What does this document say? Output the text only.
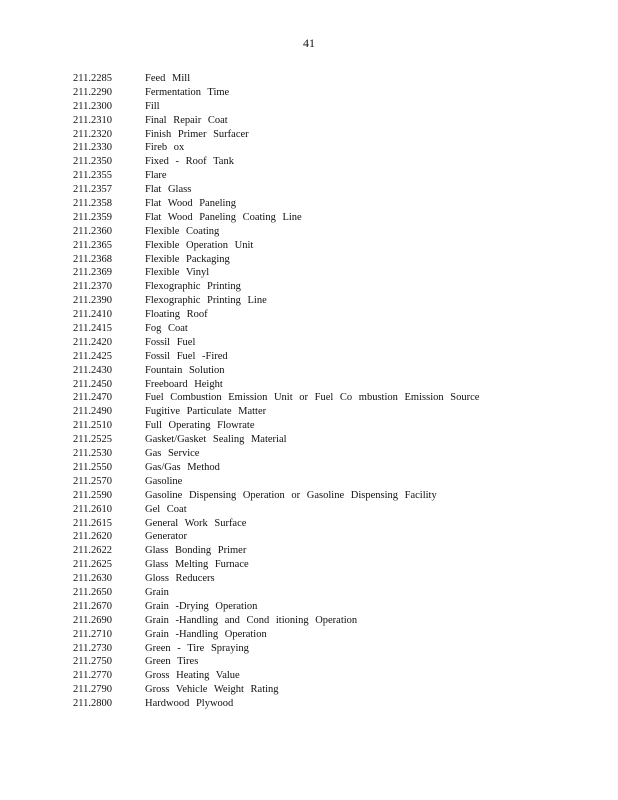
41
211.2285	Feed Mill
211.2290	Fermentation Time
211.2300	Fill
211.2310	Final Repair Coat
211.2320	Finish Primer Surfacer
211.2330	Fireb ox
211.2350	Fixed - Roof Tank
211.2355	Flare
211.2357	Flat Glass
211.2358	Flat Wood Paneling
211.2359	Flat Wood Paneling Coating Line
211.2360	Flexible Coating
211.2365	Flexible Operation Unit
211.2368	Flexible Packaging
211.2369	Flexible Vinyl
211.2370	Flexographic Printing
211.2390	Flexographic Printing Line
211.2410	Floating Roof
211.2415	Fog Coat
211.2420	Fossil Fuel
211.2425	Fossil Fuel -Fired
211.2430	Fountain Solution
211.2450	Freeboard Height
211.2470	Fuel Combustion Emission Unit or Fuel Co mbustion Emission Source
211.2490	Fugitive Particulate Matter
211.2510	Full Operating Flowrate
211.2525	Gasket/Gasket Sealing Material
211.2530	Gas Service
211.2550	Gas/Gas Method
211.2570	Gasoline
211.2590	Gasoline Dispensing Operation or Gasoline Dispensing Facility
211.2610	Gel Coat
211.2615	General Work Surface
211.2620	Generator
211.2622	Glass Bonding Primer
211.2625	Glass Melting Furnace
211.2630	Gloss Reducers
211.2650	Grain
211.2670	Grain -Drying Operation
211.2690	Grain -Handling and Cond itioning Operation
211.2710	Grain -Handling Operation
211.2730	Green - Tire Spraying
211.2750	Green Tires
211.2770	Gross Heating Value
211.2790	Gross Vehicle Weight Rating
211.2800	Hardwood Plywood
